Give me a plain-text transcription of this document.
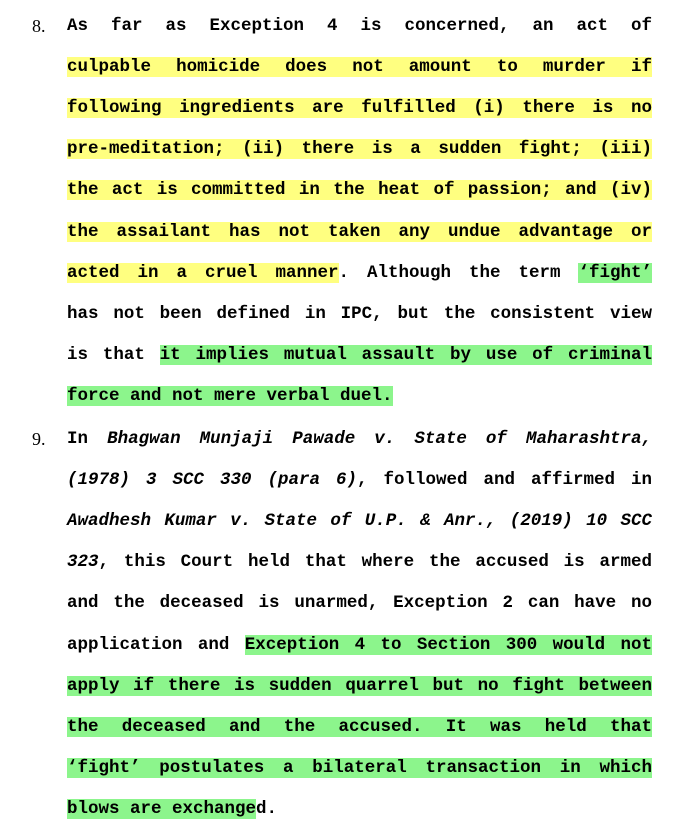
8. As far as Exception 4 is concerned, an act of
culpable homicide does not amount to murder if
following ingredients are fulfilled (i) there is no
pre-meditation; (ii) there is a sudden fight; (iii)
the act is committed in the heat of passion; and (iv)
the assailant has not taken any undue advantage or
acted in a cruel manner. Although the term ‘fight’
has not been defined in IPC, but the consistent view
is that it implies mutual assault by use of criminal
force and not mere verbal duel.
9. In Bhagwan Munjaji Pawade v. State of Maharashtra,
(1978) 3 SCC 330 (para 6), followed and affirmed in
Awadhesh Kumar v. State of U.P. & Anr., (2019) 10 SCC
323, this Court held that where the accused is armed
and the deceased is unarmed, Exception 2 can have no
application and Exception 4 to Section 300 would not
apply if there is sudden quarrel but no fight between
the deceased and the accused. It was held that
‘fight’ postulates a bilateral transaction in which
blows are exchanged.
